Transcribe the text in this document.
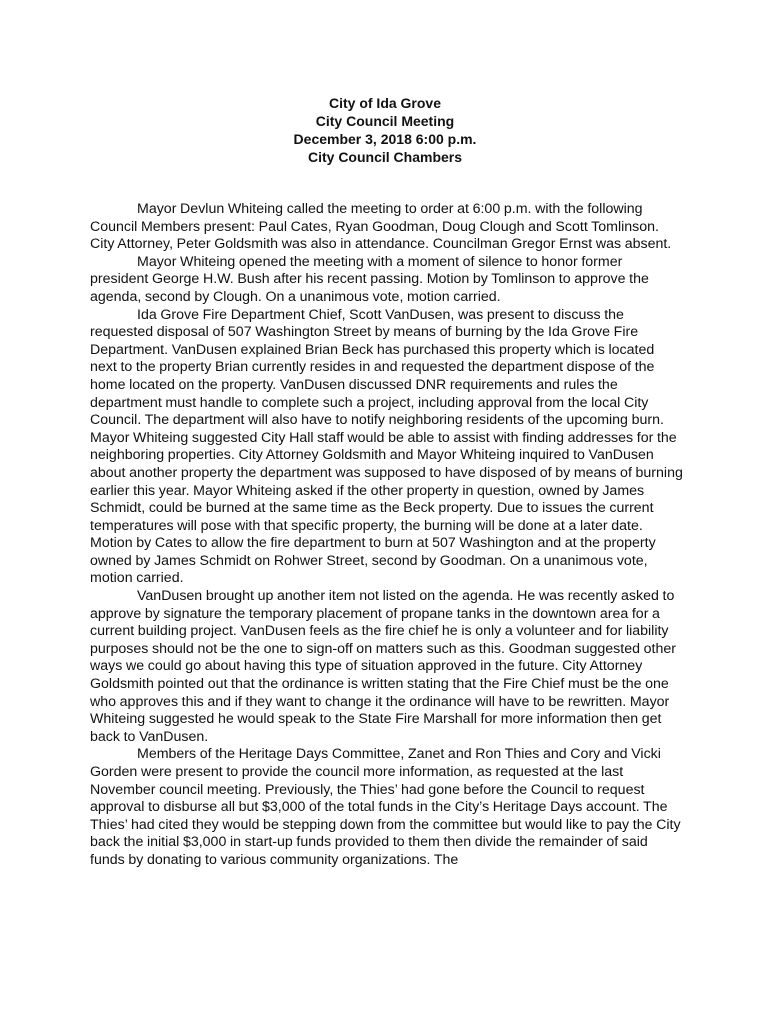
City of Ida Grove
City Council Meeting
December 3, 2018 6:00 p.m.
City Council Chambers

Mayor Devlun Whiteing called the meeting to order at 6:00 p.m. with the following Council Members present: Paul Cates, Ryan Goodman, Doug Clough and Scott Tomlinson. City Attorney, Peter Goldsmith was also in attendance. Councilman Gregor Ernst was absent.

Mayor Whiteing opened the meeting with a moment of silence to honor former president George H.W. Bush after his recent passing. Motion by Tomlinson to approve the agenda, second by Clough. On a unanimous vote, motion carried.

Ida Grove Fire Department Chief, Scott VanDusen, was present to discuss the requested disposal of 507 Washington Street by means of burning by the Ida Grove Fire Department. VanDusen explained Brian Beck has purchased this property which is located next to the property Brian currently resides in and requested the department dispose of the home located on the property. VanDusen discussed DNR requirements and rules the department must handle to complete such a project, including approval from the local City Council. The department will also have to notify neighboring residents of the upcoming burn. Mayor Whiteing suggested City Hall staff would be able to assist with finding addresses for the neighboring properties. City Attorney Goldsmith and Mayor Whiteing inquired to VanDusen about another property the department was supposed to have disposed of by means of burning earlier this year. Mayor Whiteing asked if the other property in question, owned by James Schmidt, could be burned at the same time as the Beck property. Due to issues the current temperatures will pose with that specific property, the burning will be done at a later date. Motion by Cates to allow the fire department to burn at 507 Washington and at the property owned by James Schmidt on Rohwer Street, second by Goodman. On a unanimous vote, motion carried.

VanDusen brought up another item not listed on the agenda. He was recently asked to approve by signature the temporary placement of propane tanks in the downtown area for a current building project. VanDusen feels as the fire chief he is only a volunteer and for liability purposes should not be the one to sign-off on matters such as this. Goodman suggested other ways we could go about having this type of situation approved in the future. City Attorney Goldsmith pointed out that the ordinance is written stating that the Fire Chief must be the one who approves this and if they want to change it the ordinance will have to be rewritten. Mayor Whiteing suggested he would speak to the State Fire Marshall for more information then get back to VanDusen.

Members of the Heritage Days Committee, Zanet and Ron Thies and Cory and Vicki Gorden were present to provide the council more information, as requested at the last November council meeting. Previously, the Thies’ had gone before the Council to request approval to disburse all but $3,000 of the total funds in the City’s Heritage Days account. The Thies’ had cited they would be stepping down from the committee but would like to pay the City back the initial $3,000 in start-up funds provided to them then divide the remainder of said funds by donating to various community organizations. The
